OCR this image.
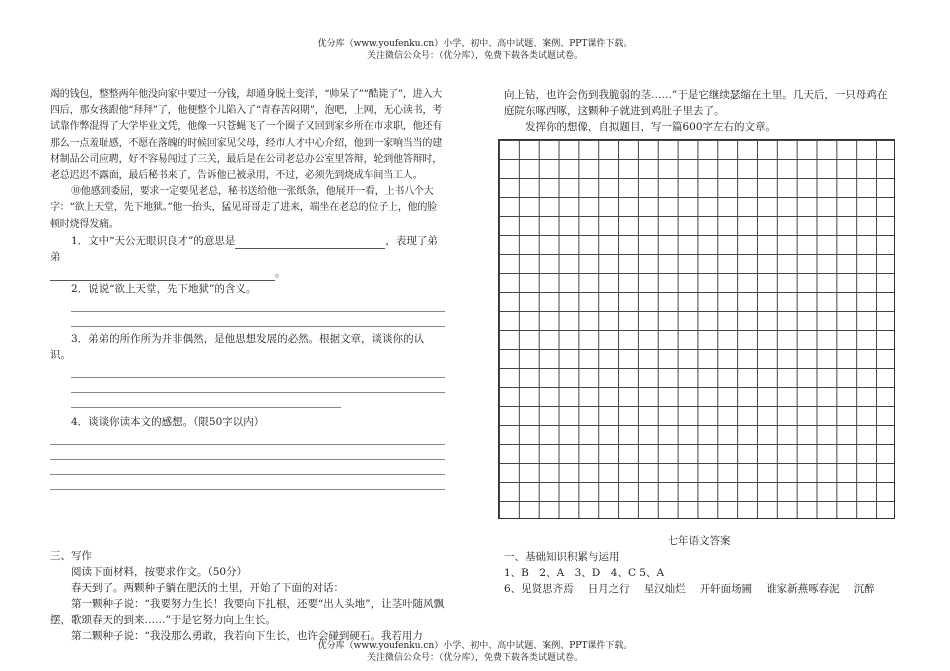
优分库（www.youfenku.cn）小学、初中、高中试题、案例、PPT课件下载。
关注微信公众号：（优分库），免费下载各类试题试卷。

竭的钱包，整整两年他没向家中要过一分钱，却通身脱土变洋，“帅呆了”“酷毙了”，进入大四后，那女孩跟他“拜拜”了，他便整个儿陷入了“青春苦闷期”，泡吧，上网，无心读书，考试靠作弊混得了大学毕业文凭，他像一只苍蝇飞了一个圈子又回到家乡所在市求职，他还有那么一点羞耻感，不愿在落魄的时候回家见父母，经市人才中心介绍，他到一家响当当的建材制品公司应聘，好不容易闯过了三关，最后是在公司老总办公室里答辩，轮到他答辩时，老总迟迟不露面，最后秘书来了，告诉他已被录用，不过，必须先到烧成车间当工人。

⑩他感到委屈，要求一定要见老总，秘书送给他一张纸条，他展开一看，上书八个大字：“欲上天堂，先下地狱。”他一抬头，猛见哥哥走了进来，端坐在老总的位子上，他的脸顿时烧得发痛。

1．文中“天公无眼识良才”的意思是	，表现了弟弟

。

2．说说“欲上天堂，先下地狱”的含义。

3．弟弟的所作所为并非偶然，是他思想发展的必然。根据文章，谈谈你的认识。

4．谈谈你读本文的感想。（限50字以内）

三、写作

阅读下面材料，按要求作文。（50分）

春天到了。两颗种子躺在肥沃的土里，开始了下面的对话：

第一颗种子说：“我要努力生长！我要向下扎根，还要“出人头地”，让茎叶随风飘摆，歌颂春天的到来……”于是它努力向上生长。

第二颗种子说：“我没那么勇敢，我若向下生长，也许会碰到硬石。我若用力

向上钻，也许会伤到我脆弱的茎……”于是它继续瑟缩在土里。几天后，一只母鸡在庭院东啄西啄，这颗种子就进到鸡肚子里去了。

发挥你的想像，自拟题目，写一篇600字左右的文章。

七年语文答案

一、基础知识积累与运用

1、B　2、A　3、D　4、C 5、A

6、见贤思齐焉 日月之行 星汉灿烂 开轩面场圃 谁家新燕啄春泥 沉醉

优分库（www.youfenku.cn）小学、初中、高中试题、案例、PPT课件下载。
关注微信公众号：（优分库），免费下载各类试题试卷。
